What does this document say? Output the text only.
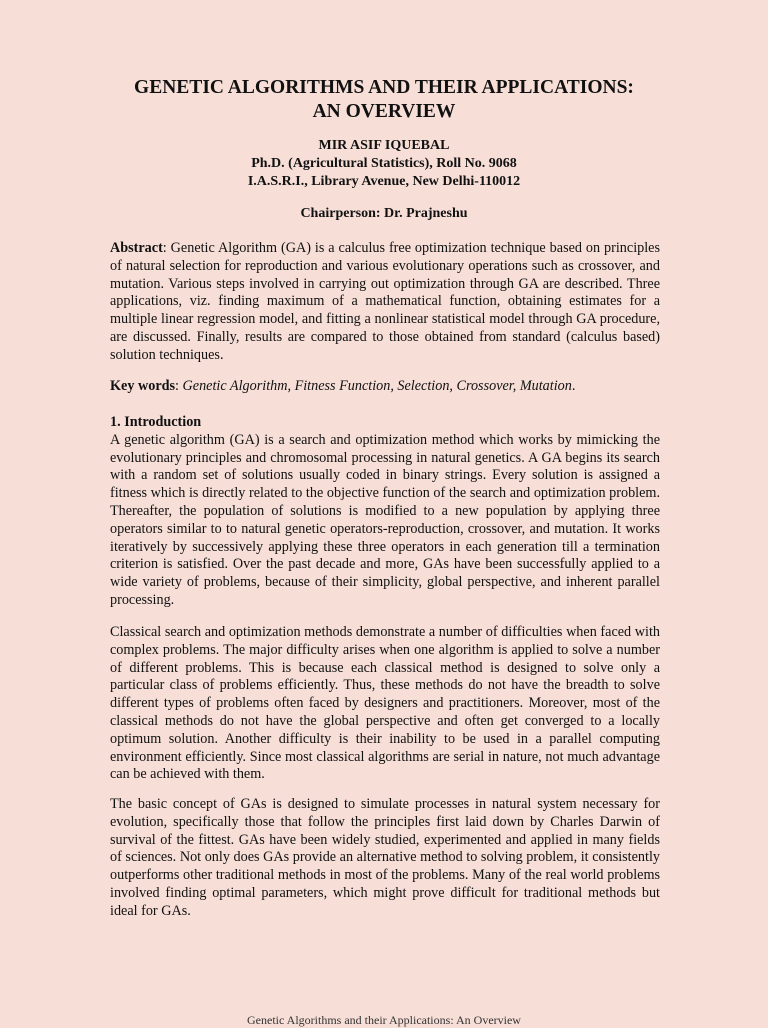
GENETIC ALGORITHMS AND THEIR APPLICATIONS:
AN OVERVIEW
MIR ASIF IQUEBAL
Ph.D. (Agricultural Statistics), Roll No. 9068
I.A.S.R.I., Library Avenue, New Delhi-110012
Chairperson: Dr. Prajneshu

Abstract: Genetic Algorithm (GA) is a calculus free optimization technique based on principles of natural selection for reproduction and various evolutionary operations such as crossover, and mutation. Various steps involved in carrying out optimization through GA are described. Three applications, viz. finding maximum of a mathematical function, obtaining estimates for a multiple linear regression model, and fitting a nonlinear statistical model through GA procedure, are discussed. Finally, results are compared to those obtained from standard (calculus based) solution techniques.

Key words: Genetic Algorithm, Fitness Function, Selection, Crossover, Mutation.

1. Introduction

A genetic algorithm (GA) is a search and optimization method which works by mimicking the evolutionary principles and chromosomal processing in natural genetics. A GA begins its search with a random set of solutions usually coded in binary strings. Every solution is assigned a fitness which is directly related to the objective function of the search and optimization problem. Thereafter, the population of solutions is modified to a new population by applying three operators similar to to natural genetic operators-reproduction, crossover, and mutation. It works iteratively by successively applying these three operators in each generation till a termination criterion is satisfied. Over the past decade and more, GAs have been successfully applied to a wide variety of problems, because of their simplicity, global perspective, and inherent parallel processing.

Classical search and optimization methods demonstrate a number of difficulties when faced with complex problems. The major difficulty arises when one algorithm is applied to solve a number of different problems. This is because each classical method is designed to solve only a particular class of problems efficiently. Thus, these methods do not have the breadth to solve different types of problems often faced by designers and practitioners. Moreover, most of the classical methods do not have the global perspective and often get converged to a locally optimum solution. Another difficulty is their inability to be used in a parallel computing environment efficiently. Since most classical algorithms are serial in nature, not much advantage can be achieved with them.

The basic concept of GAs is designed to simulate processes in natural system necessary for evolution, specifically those that follow the principles first laid down by Charles Darwin of survival of the fittest. GAs have been widely studied, experimented and applied in many fields of sciences. Not only does GAs provide an alternative method to solving problem, it consistently outperforms other traditional methods in most of the problems. Many of the real world problems involved finding optimal parameters, which might prove difficult for traditional methods but ideal for GAs.

Genetic Algorithms and their Applications: An Overview
